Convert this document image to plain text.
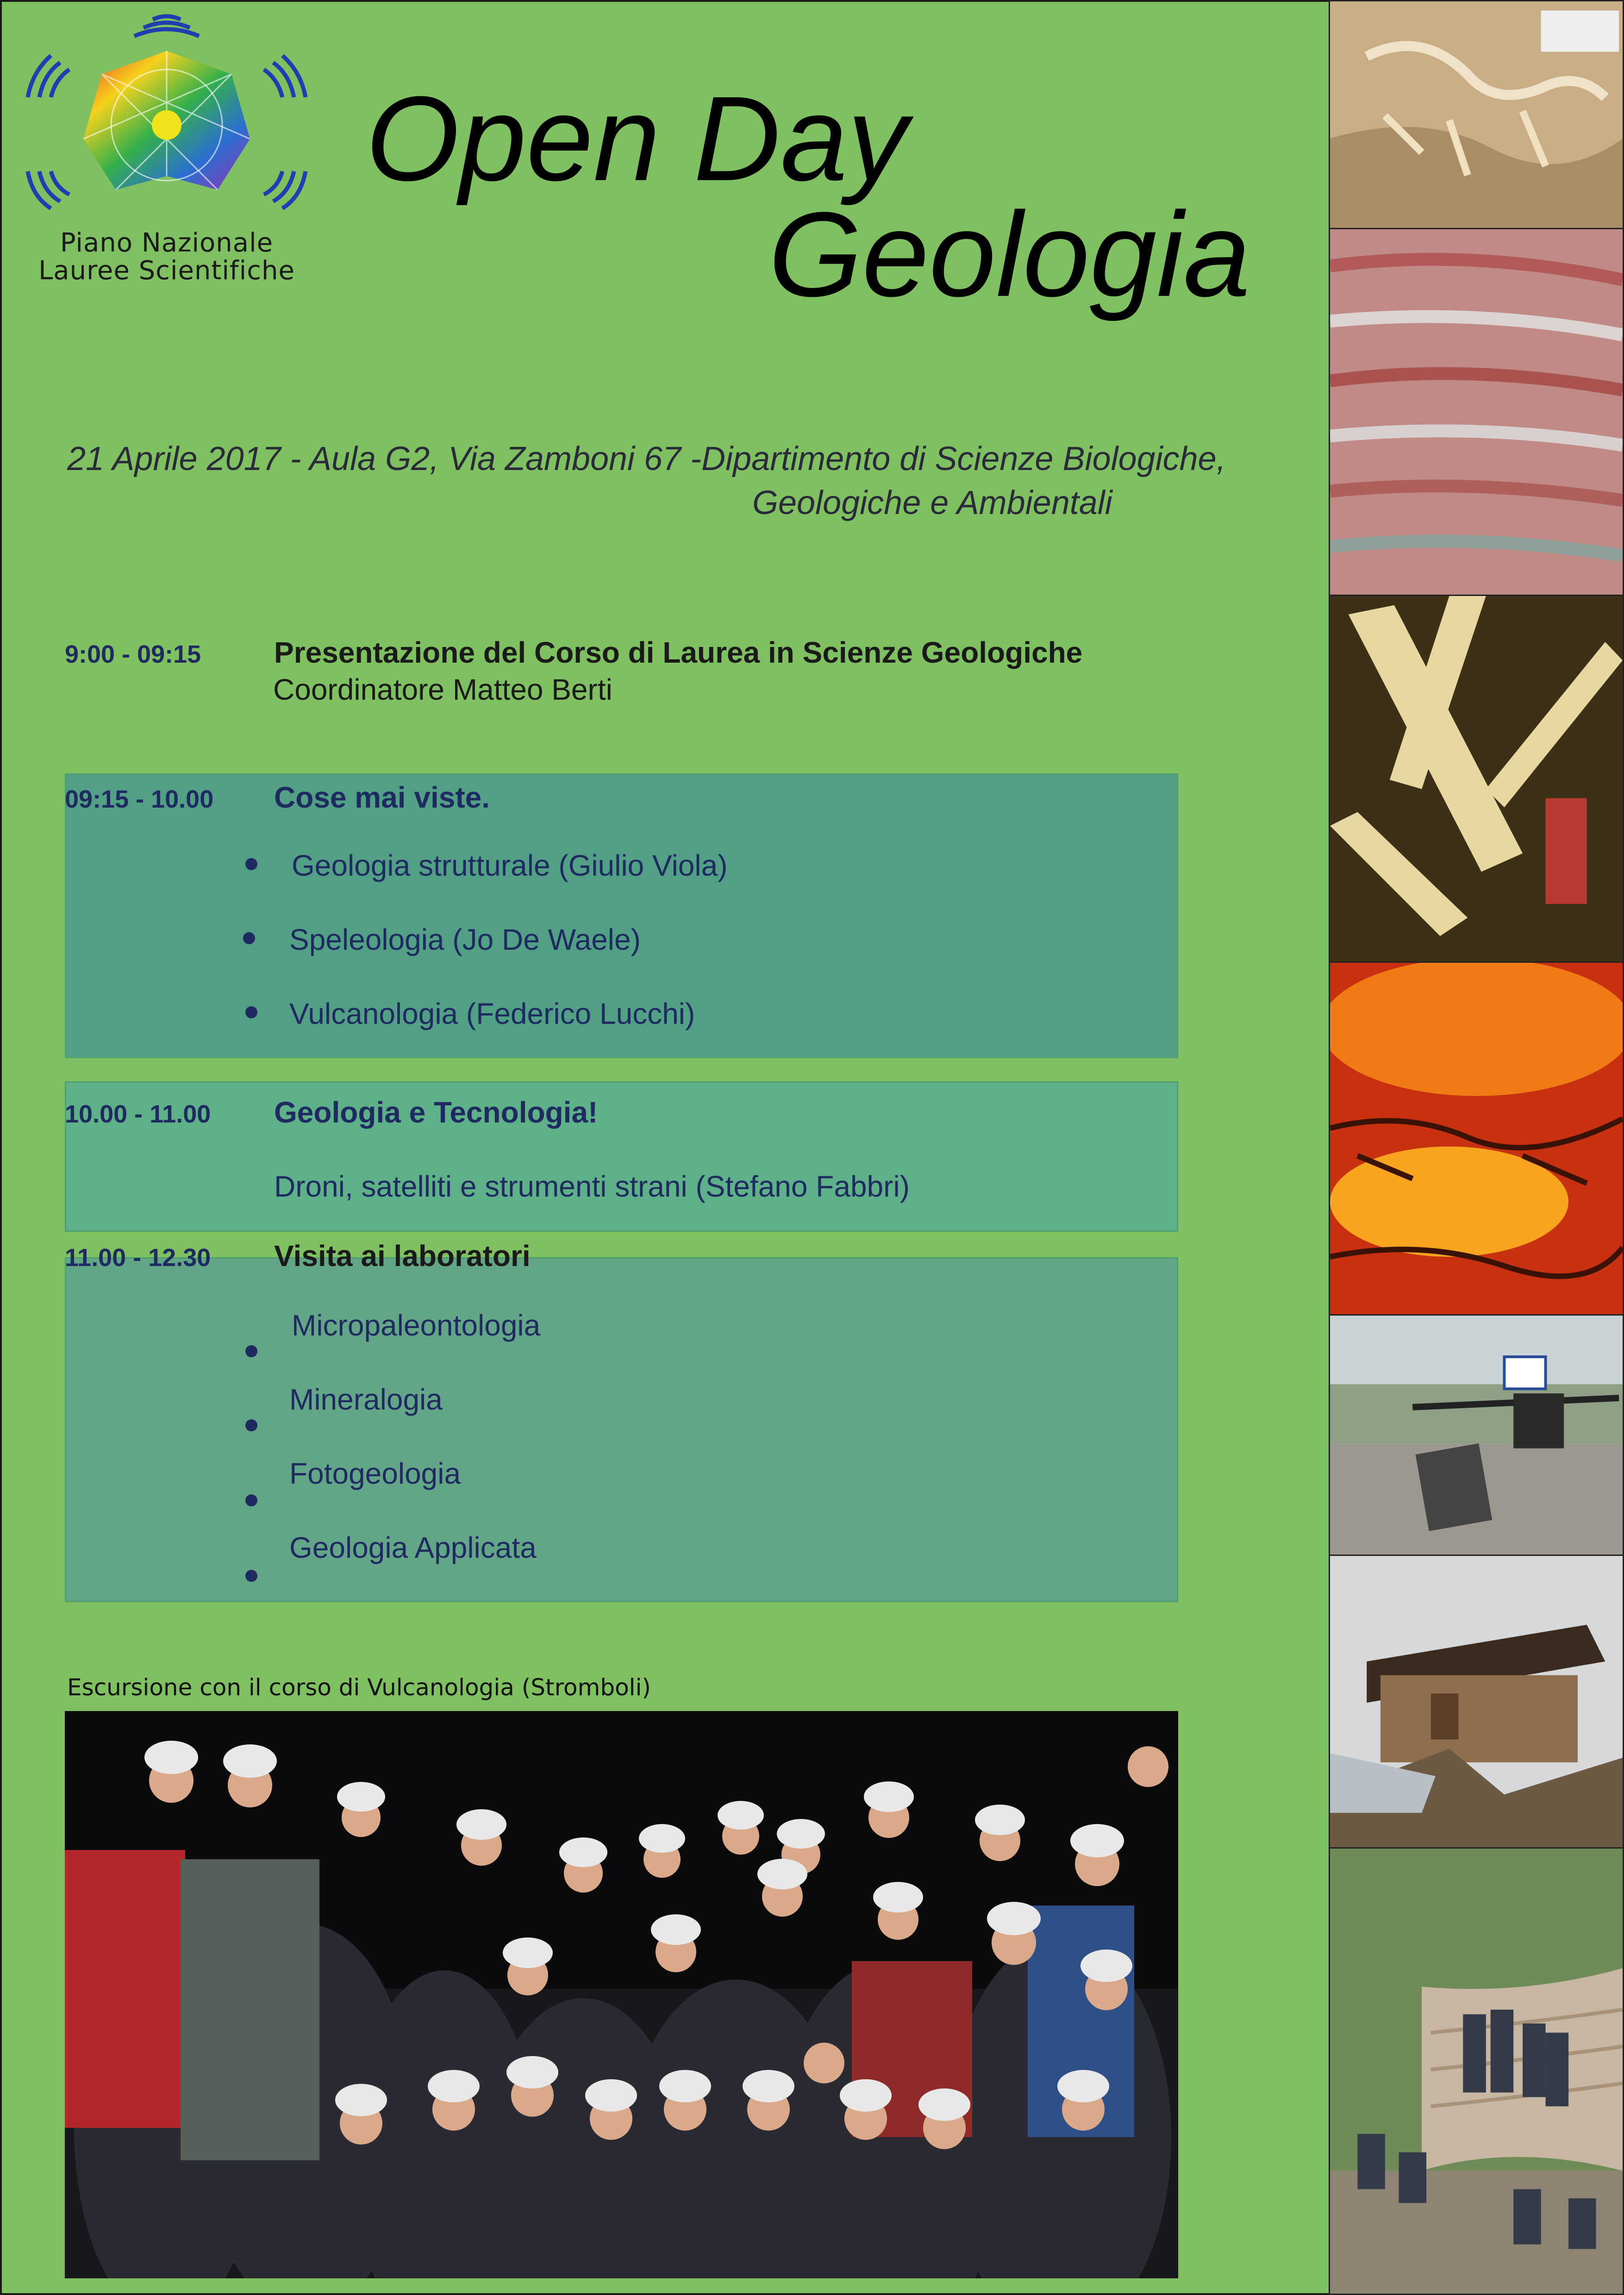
Piano Nazionale
Lauree Scientifiche
Open Day
Geologia
21 Aprile 2017 - Aula G2, Via Zamboni 67 -Dipartimento di Scienze Biologiche,
Geologiche e Ambientali
9:00 - 09:15 Presentazione del Corso di Laurea in Scienze Geologiche
Coordinatore Matteo Berti
09:15 - 10.00 Cose mai viste.
Geologia strutturale (Giulio Viola)
Speleologia (Jo De Waele)
Vulcanologia (Federico Lucchi)
10.00 - 11.00 Geologia e Tecnologia!
Droni, satelliti e strumenti strani (Stefano Fabbri)
11.00 - 12.30 Visita ai laboratori
Micropaleontologia
Mineralogia
Fotogeologia
Geologia Applicata
Escursione con il corso di Vulcanologia (Stromboli)
